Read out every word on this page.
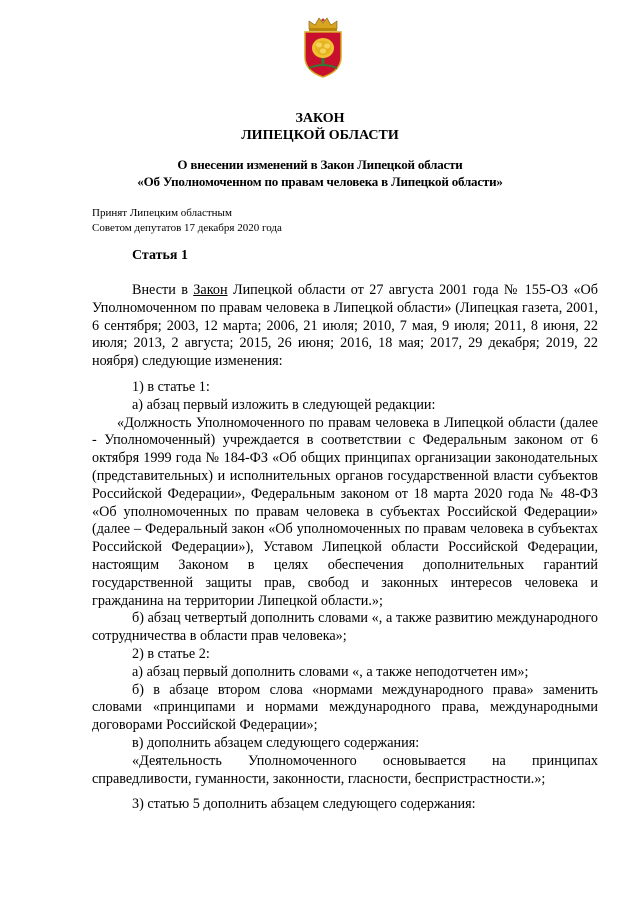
ЗАКОН
ЛИПЕЦКОЙ ОБЛАСТИ
О внесении изменений в Закон Липецкой области
«Об Уполномоченном по правам человека в Липецкой области»
Принят Липецким областным
Советом депутатов 17 декабря 2020 года
Статья 1

Внести в Закон Липецкой области от 27 августа 2001 года № 155-ОЗ «Об Уполномоченном по правам человека в Липецкой области» (Липецкая газета, 2001, 6 сентября; 2003, 12 марта; 2006, 21 июля; 2010, 7 мая, 9 июля; 2011, 8 июня, 22 июля; 2013, 2 августа; 2015, 26 июня; 2016, 18 мая; 2017, 29 декабря; 2019, 22 ноября) следующие изменения:

1) в статье 1:

а) абзац первый изложить в следующей редакции:

«Должность Уполномоченного по правам человека в Липецкой области (далее - Уполномоченный) учреждается в соответствии с Федеральным законом от 6 октября 1999 года № 184-ФЗ «Об общих принципах организации законодательных (представительных) и исполнительных органов государственной власти субъектов Российской Федерации», Федеральным законом от 18 марта 2020 года № 48-ФЗ «Об уполномоченных по правам человека в субъектах Российской Федерации» (далее – Федеральный закон «Об уполномоченных по правам человека в субъектах Российской Федерации»), Уставом Липецкой области Российской Федерации, настоящим Законом в целях обеспечения дополнительных гарантий государственной защиты прав, свобод и законных интересов человека и гражданина на территории Липецкой области.»;

б) абзац четвертый дополнить словами «, а также развитию международного сотрудничества в области прав человека»;

2) в статье 2:

а) абзац первый дополнить словами «, а также неподотчетен им»;

б) в абзаце втором слова «нормами международного права» заменить словами «принципами и нормами международного права, международными договорами Российской Федерации»;

в) дополнить абзацем следующего содержания:

«Деятельность Уполномоченного основывается на принципах справедливости, гуманности, законности, гласности, беспристрастности.»;

3) статью 5 дополнить абзацем следующего содержания:
